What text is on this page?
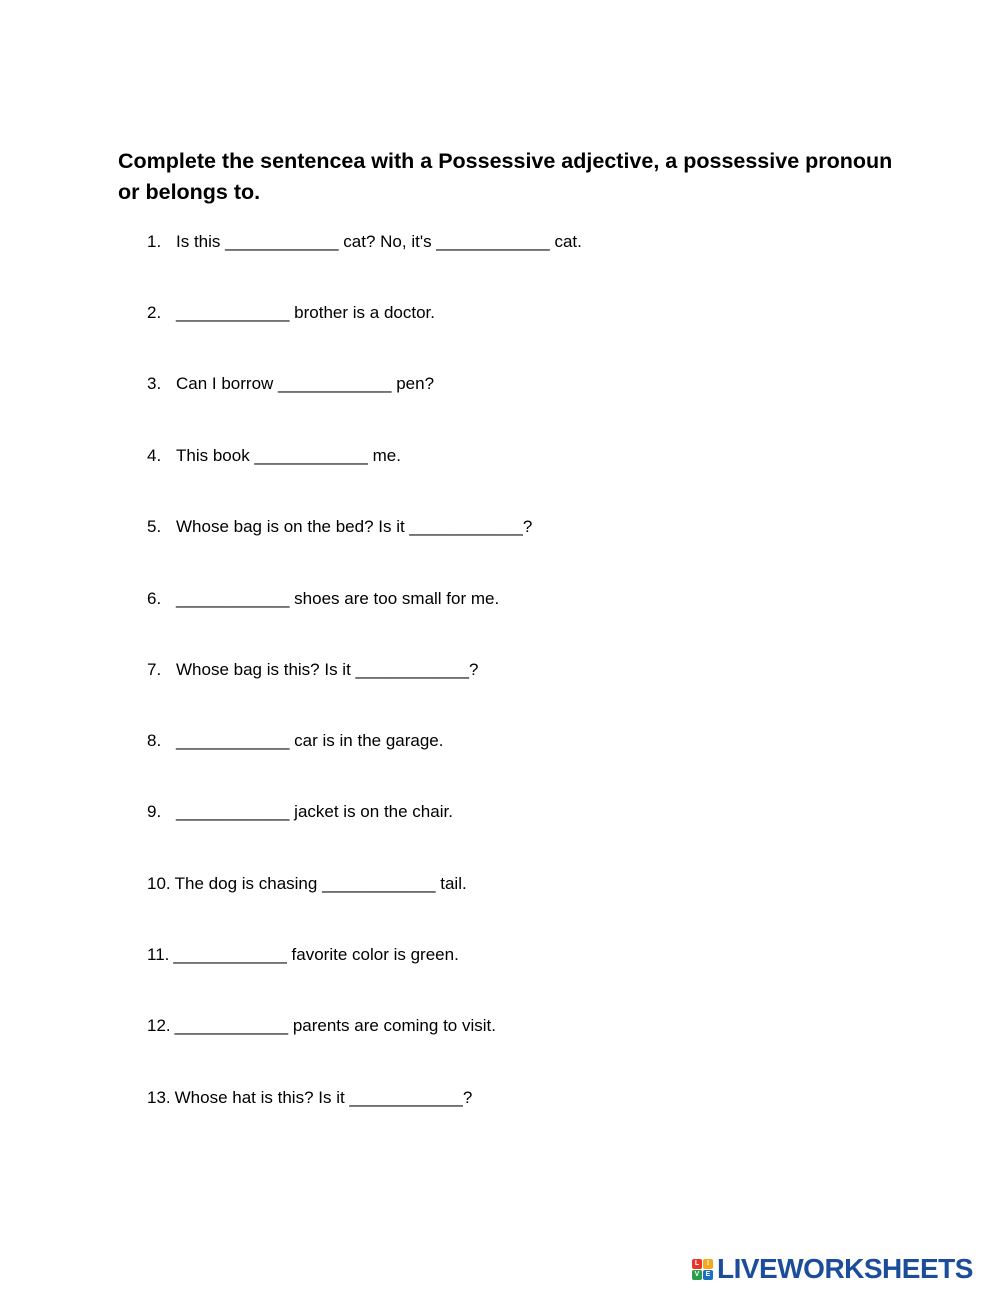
Complete the sentencea with a Possessive adjective, a possessive pronoun or belongs to.
1. Is this ____________ cat? No, it's ____________ cat.
2. ____________ brother is a doctor.
3. Can I borrow ____________ pen?
4. This book ____________ me.
5. Whose bag is on the bed? Is it ____________?
6. ____________ shoes are too small for me.
7. Whose bag is this? Is it ____________?
8. ____________ car is in the garage.
9. ____________ jacket is on the chair.
10. The dog is chasing ____________ tail.
11. ____________ favorite color is green.
12. ____________ parents are coming to visit.
13. Whose hat is this? Is it ____________?
L	I
V E LIVEWORKSHEETS
